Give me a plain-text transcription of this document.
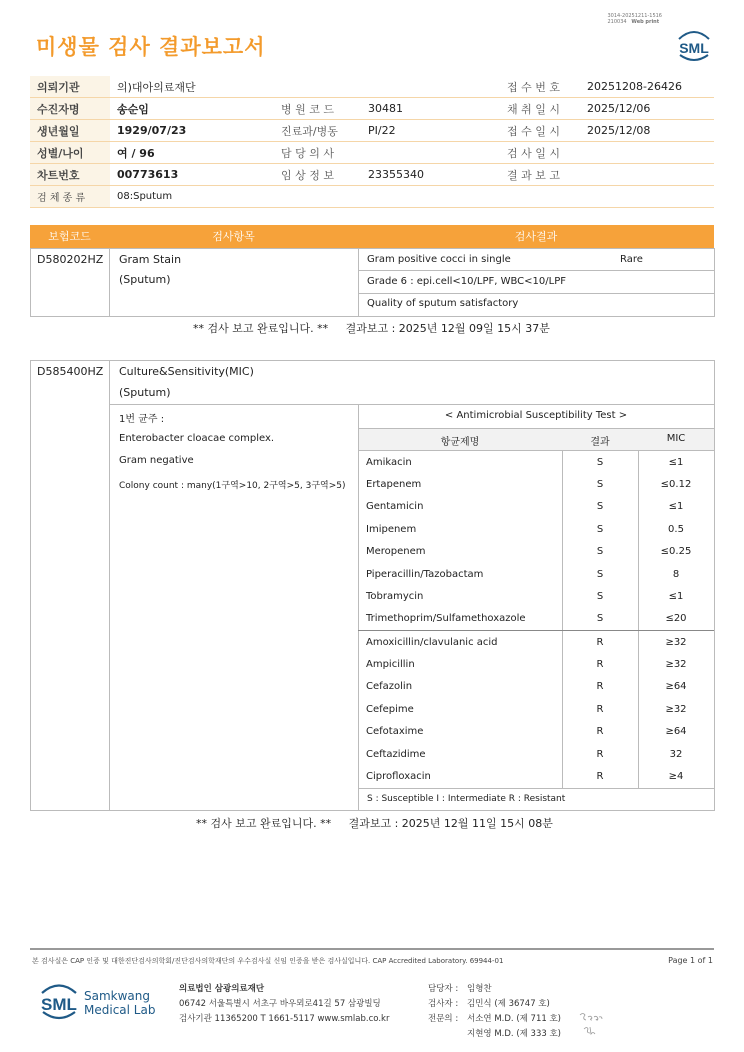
미생물 검사 결과보고서
3014-20251211-1516
210034 Web print
SML
의뢰기관	의)대아의료재단			접 수 번 호	20251208-26426
수진자명	송순임	병 원 코 드	30481	채 취 일 시	2025/12/06
생년월일	1929/07/23	진료과/병동	PI/22	접 수 일 시	2025/12/08
성별/나이	여 / 96	담 당 의 사		검 사 일 시	
차트번호	00773613	임 상 정 보	23355340	결 과 보 고	
검 체 종 류	08:Sputum				
보험코드	검사항목	검사결과
D580202HZ Gram Stain
(Sputum)
Gram positive cocci in single	Rare
Grade 6 : epi.cell<10/LPF, WBC<10/LPF
Quality of sputum satisfactory
** 검사 보고 완료입니다. **     결과보고 : 2025년 12월 09일 15시 37분
D585400HZ Culture&Sensitivity(MIC)
(Sputum)
1번 균주 :
Enterobacter cloacae complex.
Gram negative
Colony count : many(1구역>10, 2구역>5, 3구역>5)
< Antimicrobial Susceptibility Test >
항균제명	결과	MIC
Amikacin	S	≤1
Ertapenem	S	≤0.12
Gentamicin	S	≤1
Imipenem	S	0.5
Meropenem	S	≤0.25
Piperacillin/Tazobactam	S	8
Tobramycin	S	≤1
Trimethoprim/Sulfamethoxazole	S	≤20
Amoxicillin/clavulanic acid	R	≥32
Ampicillin	R	≥32
Cefazolin	R	≥64
Cefepime	R	≥32
Cefotaxime	R	≥64
Ceftazidime	R	32
Ciprofloxacin	R	≥4
S : Susceptible I : Intermediate R : Resistant
** 검사 보고 완료입니다. **     결과보고 : 2025년 12월 11일 15시 08분
본 검사실은 CAP 인증 및 대한진단검사의학회/진단검사의학재단의 우수검사실 신임 인증을 받은 검사실입니다. CAP Accredited Laboratory. 69944-01	Page 1 of 1
SML Samkwang
Medical Lab
의료법인 삼광의료재단
06742 서울특별시 서초구 바우뫼로41길 57 삼광빌딩
검사기관 11365200 T 1661-5117 www.smlab.co.kr
담당자 : 임형찬
검사자 : 김민식 (제 36747 호)
전문의 : 서소연 M.D. (제 711 호)
지현영 M.D. (제 333 호)
